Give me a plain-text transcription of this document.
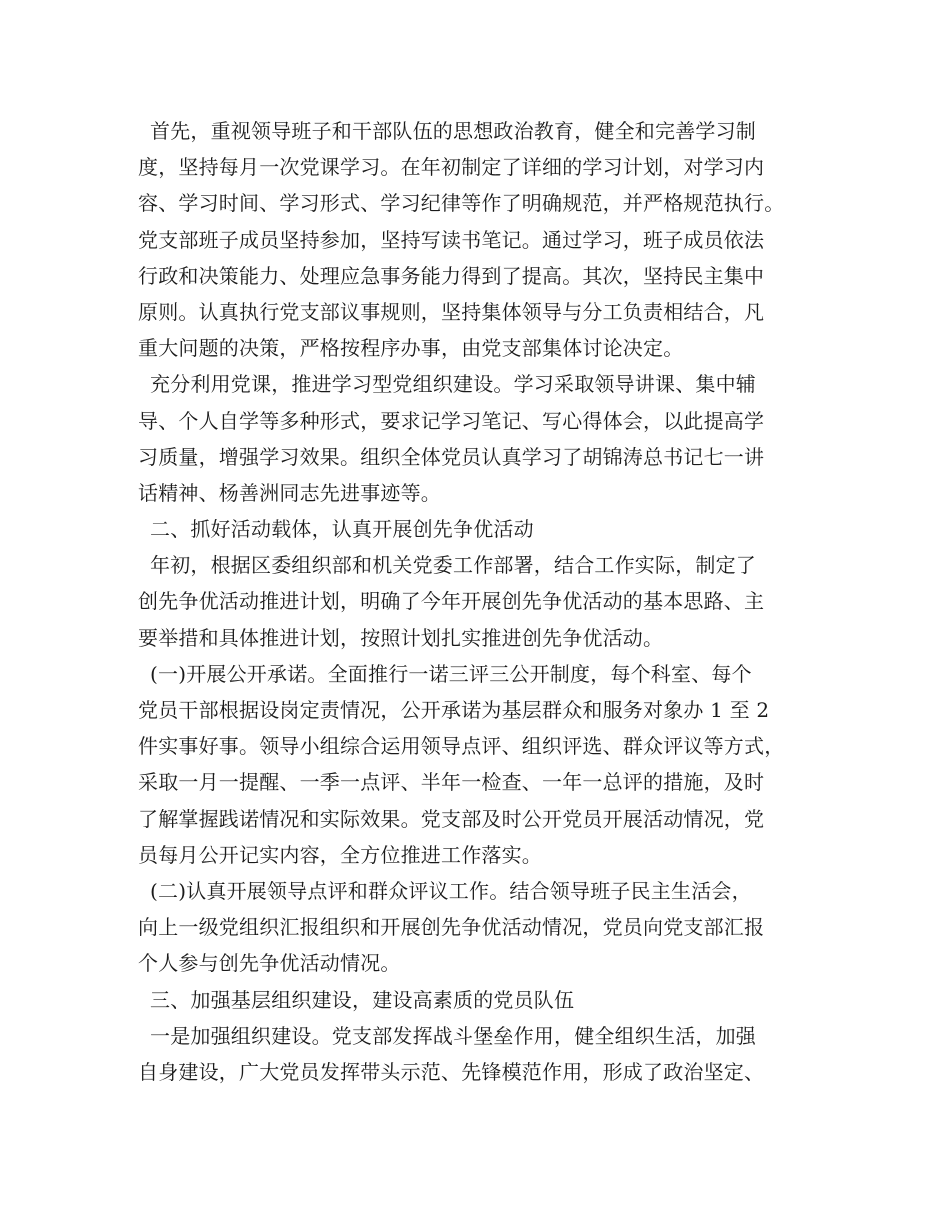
首先，重视领导班子和干部队伍的思想政治教育，健全和完善学习制
度，坚持每月一次党课学习。在年初制定了详细的学习计划，对学习内
容、学习时间、学习形式、学习纪律等作了明确规范，并严格规范执行。
党支部班子成员坚持参加，坚持写读书笔记。通过学习，班子成员依法
行政和决策能力、处理应急事务能力得到了提高。其次，坚持民主集中
原则。认真执行党支部议事规则，坚持集体领导与分工负责相结合，凡
重大问题的决策，严格按程序办事，由党支部集体讨论决定。
充分利用党课，推进学习型党组织建设。学习采取领导讲课、集中辅
导、个人自学等多种形式，要求记学习笔记、写心得体会，以此提高学
习质量，增强学习效果。组织全体党员认真学习了胡锦涛总书记七一讲
话精神、杨善洲同志先进事迹等。
二、抓好活动载体，认真开展创先争优活动
年初，根据区委组织部和机关党委工作部署，结合工作实际，制定了
创先争优活动推进计划，明确了今年开展创先争优活动的基本思路、主
要举措和具体推进计划，按照计划扎实推进创先争优活动。
(一)开展公开承诺。全面推行一诺三评三公开制度，每个科室、每个
党员干部根据设岗定责情况，公开承诺为基层群众和服务对象办 1 至 2
件实事好事。领导小组综合运用领导点评、组织评选、群众评议等方式，
采取一月一提醒、一季一点评、半年一检查、一年一总评的措施，及时
了解掌握践诺情况和实际效果。党支部及时公开党员开展活动情况，党
员每月公开记实内容，全方位推进工作落实。
(二)认真开展领导点评和群众评议工作。结合领导班子民主生活会，
向上一级党组织汇报组织和开展创先争优活动情况，党员向党支部汇报
个人参与创先争优活动情况。
三、加强基层组织建设，建设高素质的党员队伍
一是加强组织建设。党支部发挥战斗堡垒作用，健全组织生活，加强
自身建设，广大党员发挥带头示范、先锋模范作用，形成了政治坚定、
